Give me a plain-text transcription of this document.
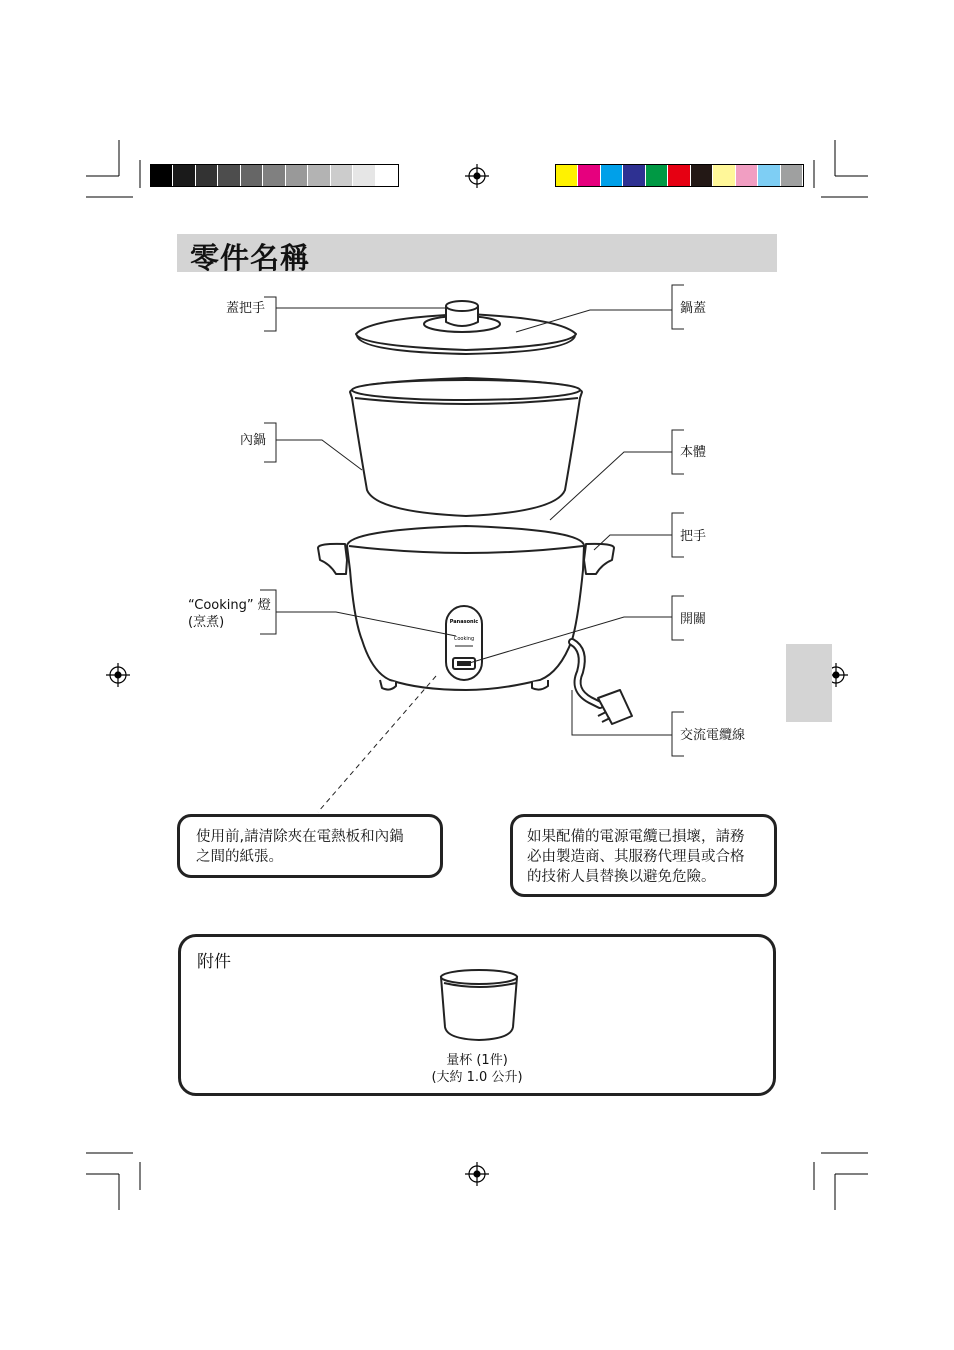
零件名稱
Panasonic
Cooking
蓋把手	鍋蓋
內鍋
本體
把手
“Cooking” 燈
(烹煮)	開關
交流電纜線
使用前,請清除夾在電熱板和內鍋
之間的紙張。
如果配備的電源電纜已損壞，請務
必由製造商、其服務代理員或合格
的技術人員替換以避免危險。
附件
量杯 (1件)
(大約 1.0 公升)
